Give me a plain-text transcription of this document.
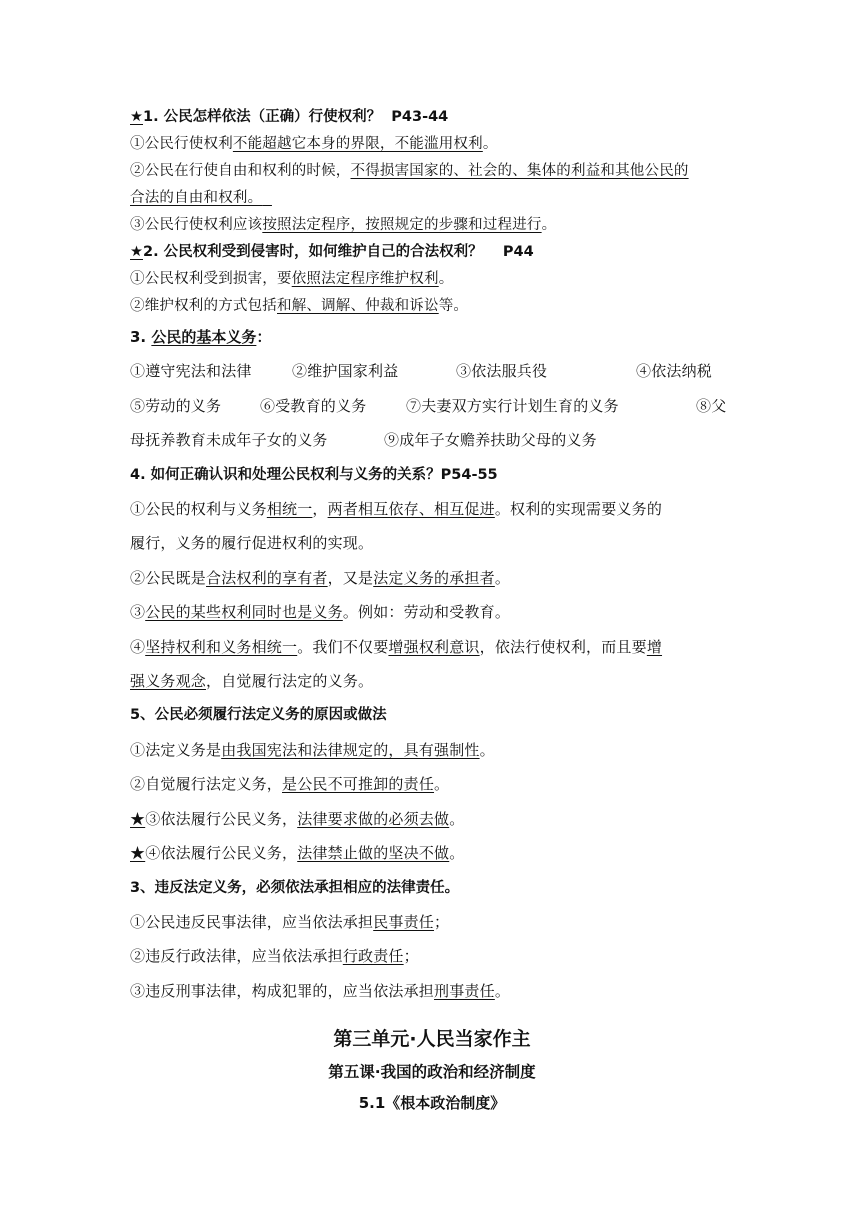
★1. 公民怎样依法（正确）行使权利？ P43-44

①公民行使权利不能超越它本身的界限，不能滥用权利。

②公民在行使自由和权利的时候，不得损害国家的、社会的、集体的利益和其他公民的

合法的自由和权利。

③公民行使权利应该按照法定程序，按照规定的步骤和过程进行。

★2. 公民权利受到侵害时，如何维护自己的合法权利？ P44

①公民权利受到损害，要依照法定程序维护权利。

②维护权利的方式包括和解、调解、仲裁和诉讼等。

3. 公民的基本义务：

①遵守宪法和法律	②维护国家利益	③依法服兵役	④依法纳税

⑤劳动的义务	⑥受教育的义务	⑦夫妻双方实行计划生育的义务	⑧父

母抚养教育未成年子女的义务	⑨成年子女赡养扶助父母的义务

4. 如何正确认识和处理公民权利与义务的关系？P54-55

①公民的权利与义务相统一，两者相互依存、相互促进。权利的实现需要义务的

履行，义务的履行促进权利的实现。

②公民既是合法权利的享有者，又是法定义务的承担者。

③公民的某些权利同时也是义务。例如：劳动和受教育。

④坚持权利和义务相统一。我们不仅要增强权利意识，依法行使权利，而且要增

强义务观念，自觉履行法定的义务。

5、公民必须履行法定义务的原因或做法

①法定义务是由我国宪法和法律规定的，具有强制性。

②自觉履行法定义务，是公民不可推卸的责任。

★③依法履行公民义务，法律要求做的必须去做。

★④依法履行公民义务，法律禁止做的坚决不做。

3、违反法定义务，必须依法承担相应的法律责任。

①公民违反民事法律，应当依法承担民事责任；

②违反行政法律，应当依法承担行政责任；

③违反刑事法律，构成犯罪的，应当依法承担刑事责任。

第三单元·人民当家作主
第五课·我国的政治和经济制度
5.1《根本政治制度》
